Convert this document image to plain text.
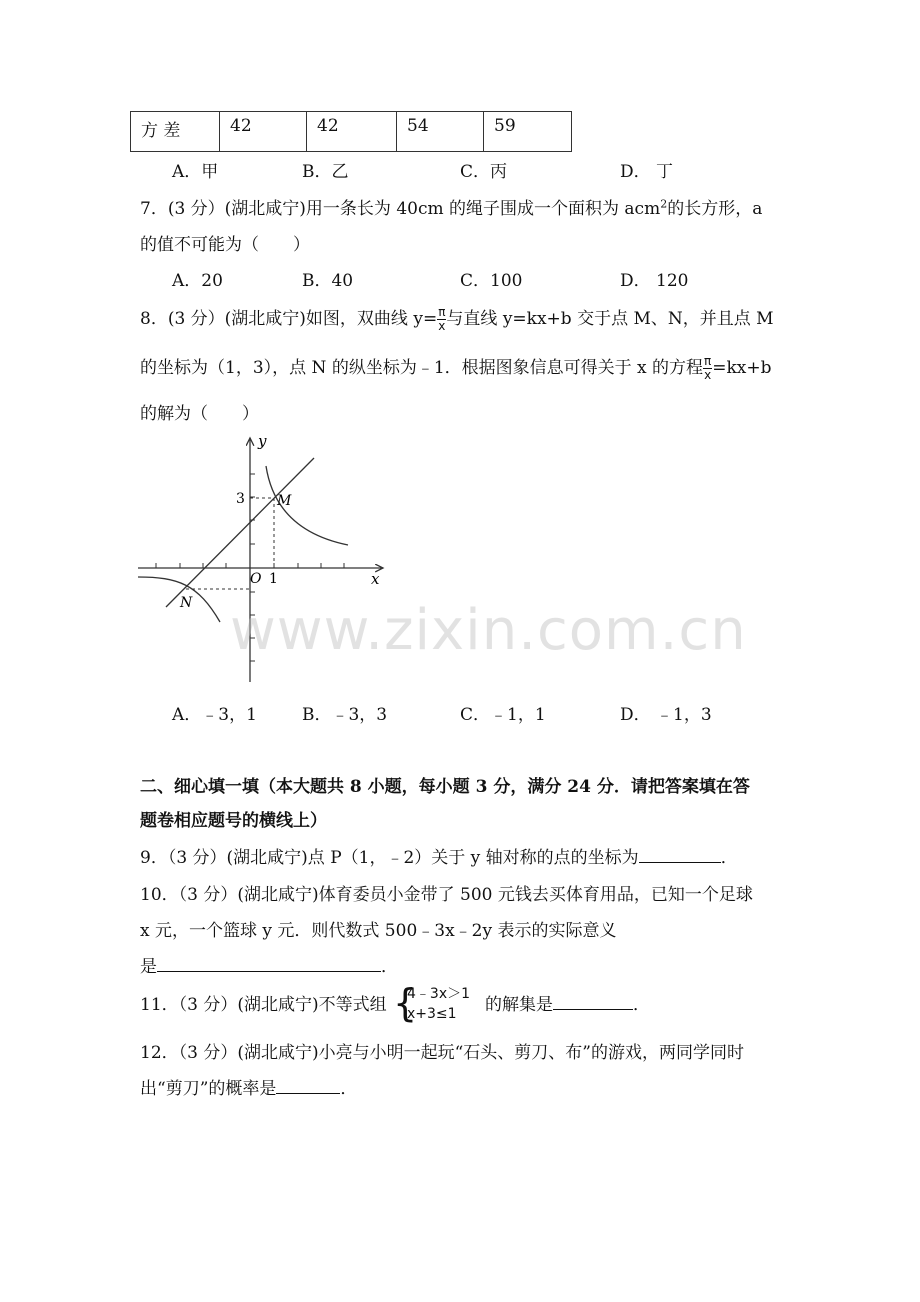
方 差	42	42	54	59
A．甲	B．乙	C．丙	D． 丁
7．(3 分）(湖北咸宁)用一条长为 40cm 的绳子围成一个面积为 acm$^2$的长方形，a
的值不可能为（　　）
A．20	B．40	C．100	D． 120
8．(3 分）(湖北咸宁)如图，双曲线 $y= \frac{\pi}{x}$ 与直线 y=kx+b 交于点 M、N，并且点 M
的坐标为（1，3），点 N 的纵坐标为﹣1．根据图象信息可得关于 x 的方程 $\frac{\pi}{x} =kx+b$
的解为（　　）
y
x
O 1
3 M
N
A．﹣3，1	B．﹣3，3	C．﹣1，1	D． ﹣1，3
www.zixin.com.cn
二、细心填一填（本大题共 8 小题，每小题 3 分，满分 24 分．请把答案填在答
题卷相应题号的横线上）
9．（3 分）(湖北咸宁)点 P（1，﹣2）关于 y 轴对称的点的坐标为	．
10．（3 分）(湖北咸宁)体育委员小金带了 500 元钱去买体育用品，已知一个足球
x 元，一个篮球 y 元．则代数式 500﹣3x﹣2y 表示的实际意义
是	．
11．（3 分）(湖北咸宁)不等式组 {
4﹣3x＞1
x+3≤1 的解集是	．
12．（3 分）(湖北咸宁)小亮与小明一起玩“石头、剪刀、布”的游戏，两同学同时
出“剪刀”的概率是	．
